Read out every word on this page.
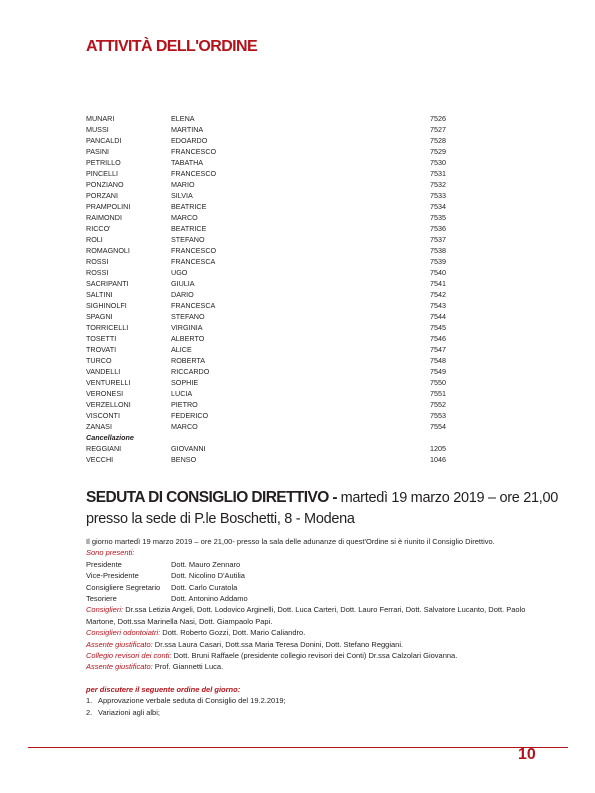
ATTIVITÀ DELL'ORDINE
MUNARI	ELENA	7526
MUSSI	MARTINA	7527
PANCALDI	EDOARDO	7528
PASINI	FRANCESCO	7529
PETRILLO	TABATHA	7530
PINCELLI	FRANCESCO	7531
PONZIANO	MARIO	7532
PORZANI	SILVIA	7533
PRAMPOLINI	BEATRICE	7534
RAIMONDI	MARCO	7535
RICCO'	BEATRICE	7536
ROLI	STEFANO	7537
ROMAGNOLI	FRANCESCO	7538
ROSSI	FRANCESCA	7539
ROSSI	UGO	7540
SACRIPANTI	GIULIA	7541
SALTINI	DARIO	7542
SIGHINOLFI	FRANCESCA	7543
SPAGNI	STEFANO	7544
TORRICELLI	VIRGINIA	7545
TOSETTI	ALBERTO	7546
TROVATI	ALICE	7547
TURCO	ROBERTA	7548
VANDELLI	RICCARDO	7549
VENTURELLI	SOPHIE	7550
VERONESI	LUCIA	7551
VERZELLONI	PIETRO	7552
VISCONTI	FEDERICO	7553
ZANASI	MARCO	7554
Cancellazione
REGGIANI	GIOVANNI	1205
VECCHI	BENSO	1046
SEDUTA DI CONSIGLIO DIRETTIVO - martedì 19 marzo 2019 – ore 21,00
presso la sede di P.le Boschetti, 8 - Modena

Il giorno martedì 19 marzo 2019 – ore 21,00- presso la sala delle adunanze di quest'Ordine si è riunito il Consiglio Direttivo.

Sono presenti:

Presidente	Dott. Mauro Zennaro
Vice-Presidente	Dott. Nicolino D'Autilia
Consigliere Segretario Dott. Carlo Curatola
Tesoriere	Dott. Antonino Addamo

Consiglieri: Dr.ssa Letizia Angeli, Dott. Lodovico Arginelli, Dott. Luca Carteri, Dott. Lauro Ferrari, Dott. Salvatore Lucanto, Dott. Paolo Martone, Dott.ssa Marinella Nasi, Dott. Giampaolo Papi.

Consiglieri odontoiatri: Dott. Roberto Gozzi, Dott. Mario Caliandro.

Assente giustificato: Dr.ssa Laura Casari, Dott.ssa Maria Teresa Donini, Dott. Stefano Reggiani.

Collegio revisori dei conti: Dott. Bruni Raffaele (presidente collegio revisori dei Conti) Dr.ssa Calzolari Giovanna.

Assente giustificato: Prof. Giannetti Luca.

per discutere il seguente ordine del giorno:

1. Approvazione verbale seduta di Consiglio del 19.2.2019;
2. Variazioni agli albi;
10
